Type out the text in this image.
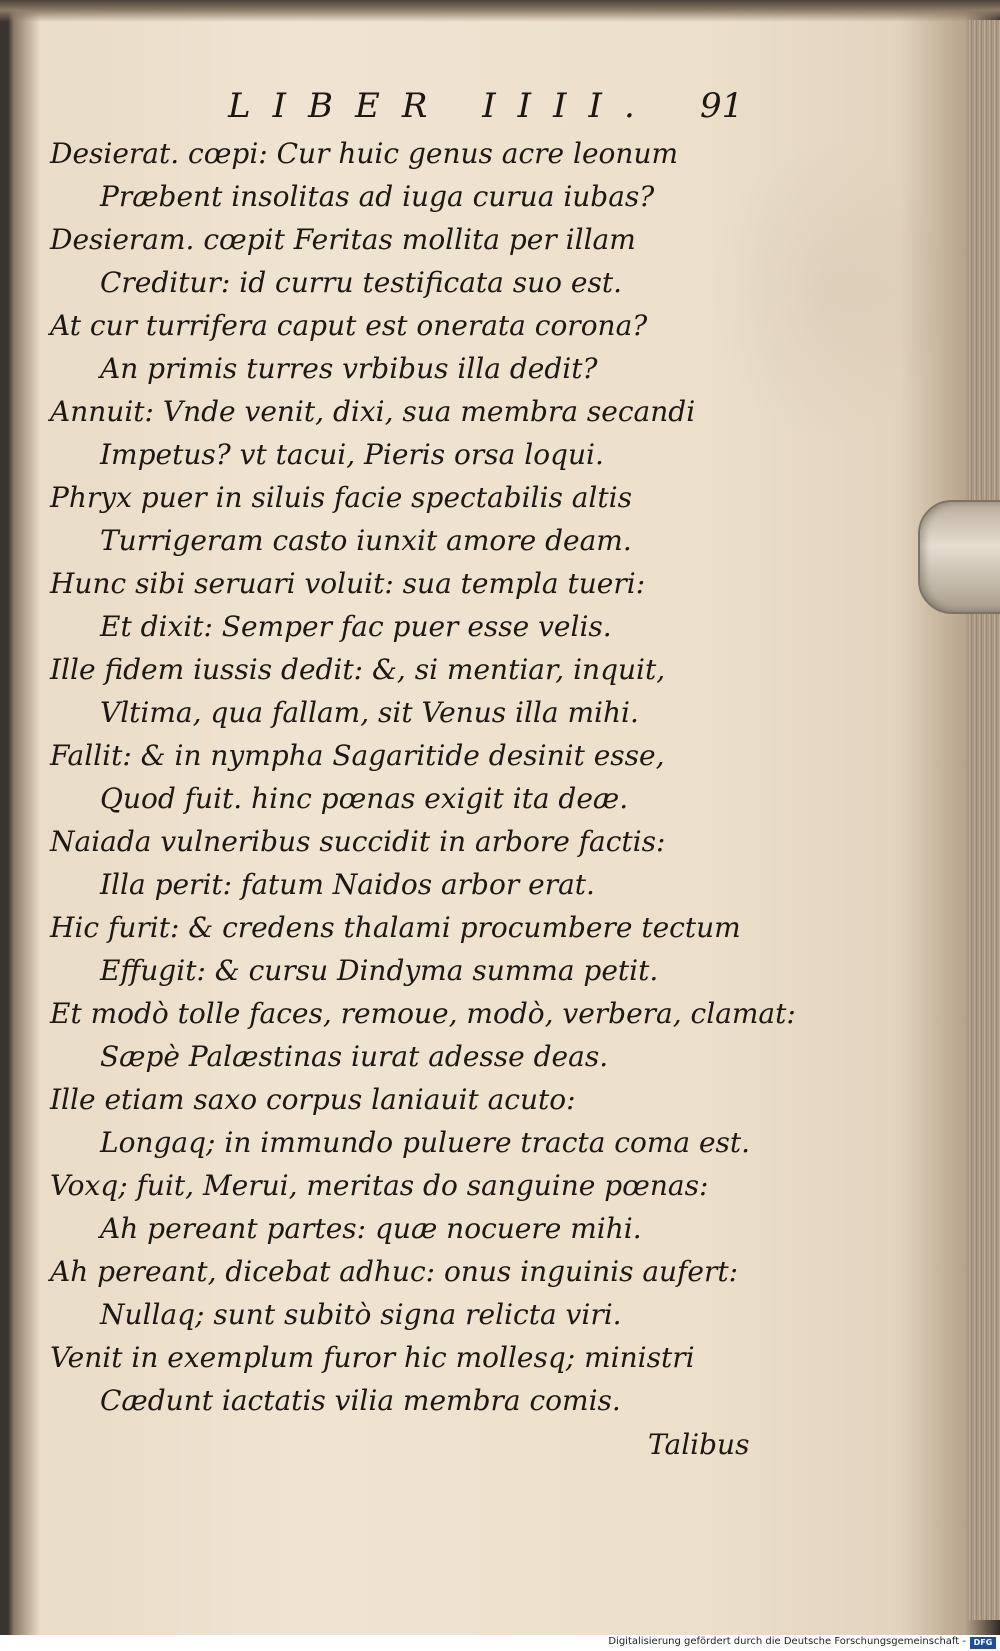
LIBER IIII. 91
Desierat. cœpi: Cur huic genus acre leonum
Præbent insolitas ad iuga curua iubas?
Desieram. cœpit Feritas mollita per illam
Creditur: id curru testificata suo est.
At cur turrifera caput est onerata corona?
An primis turres vrbibus illa dedit?
Annuit: Vnde venit, dixi, sua membra secandi
Impetus? vt tacui, Pieris orsa loqui.
Phryx puer in siluis facie spectabilis altis
Turrigeram casto iunxit amore deam.
Hunc sibi seruari voluit: sua templa tueri:
Et dixit: Semper fac puer esse velis.
Ille fidem iussis dedit: &, si mentiar, inquit,
Vltima, qua fallam, sit Venus illa mihi.
Fallit: & in nympha Sagaritide desinit esse,
Quod fuit. hinc pœnas exigit ita deæ.
Naiada vulneribus succidit in arbore factis:
Illa perit: fatum Naidos arbor erat.
Hic furit: & credens thalami procumbere tectum
Effugit: & cursu Dindyma summa petit.
Et modò tolle faces, remoue, modò, verbera, clamat:
Sæpè Palæstinas iurat adesse deas.
Ille etiam saxo corpus laniauit acuto:
Longaq; in immundo puluere tracta coma est.
Voxq; fuit, Merui, meritas do sanguine pœnas:
Ah pereant partes: quæ nocuere mihi.
Ah pereant, dicebat adhuc: onus inguinis aufert:
Nullaq; sunt subitò signa relicta viri.
Venit in exemplum furor hic mollesq; ministri
Cædunt iactatis vilia membra comis.
Talibus
Digitalisierung gefördert durch die Deutsche Forschungsgemeinschaft - DFG
